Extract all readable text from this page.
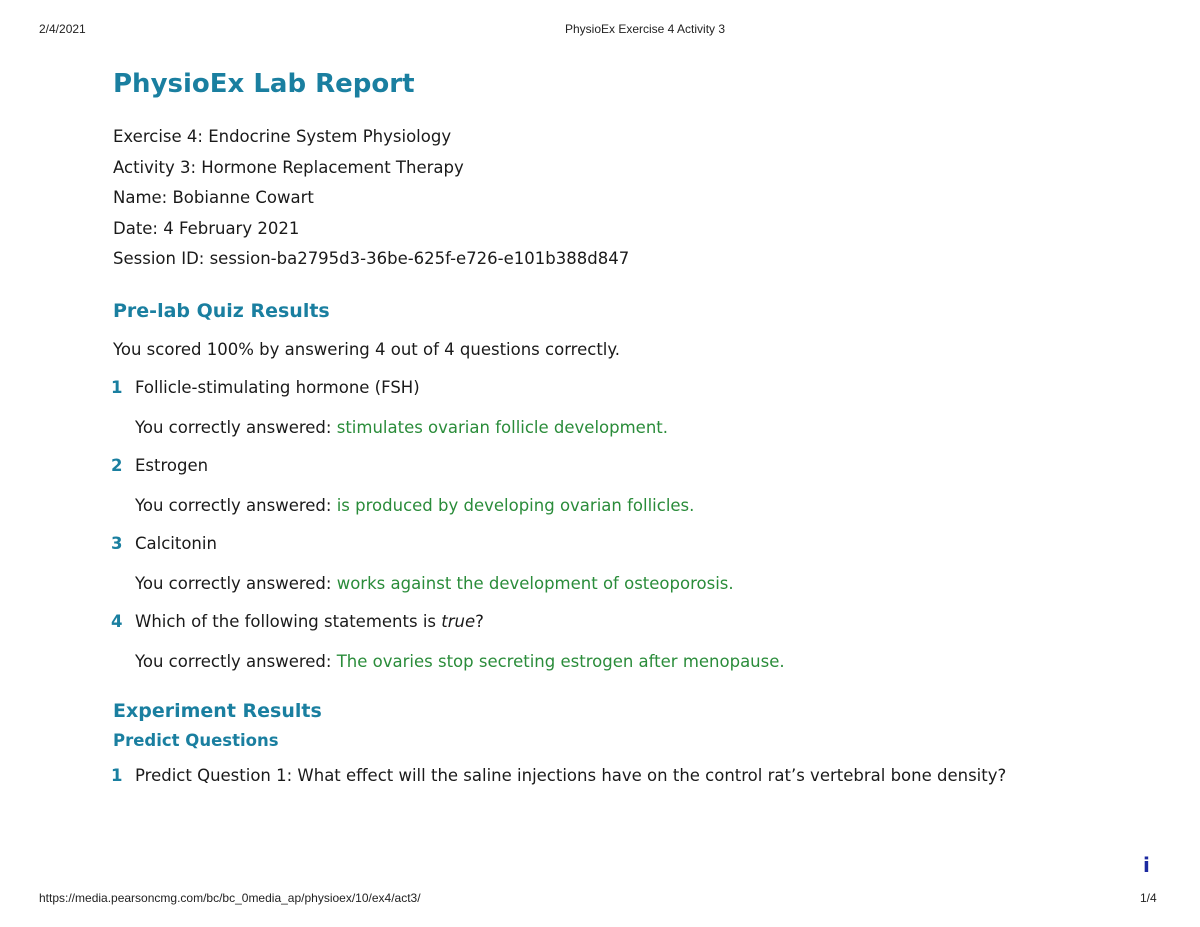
2/4/2021	PhysioEx Exercise 4 Activity 3
PhysioEx Lab Report
Exercise 4: Endocrine System Physiology
Activity 3: Hormone Replacement Therapy
Name: Bobianne Cowart
Date: 4 February 2021
Session ID: session-ba2795d3-36be-625f-e726-e101b388d847
Pre-lab Quiz Results
You scored 100% by answering 4 out of 4 questions correctly.
1 Follicle-stimulating hormone (FSH)
You correctly answered: stimulates ovarian follicle development.
2 Estrogen
You correctly answered: is produced by developing ovarian follicles.
3 Calcitonin
You correctly answered: works against the development of osteoporosis.
4 Which of the following statements is true?
You correctly answered: The ovaries stop secreting estrogen after menopause.
Experiment Results
Predict Questions
1 Predict Question 1: What effect will the saline injections have on the control rat’s vertebral bone density?
i
https://media.pearsoncmg.com/bc/bc_0media_ap/physioex/10/ex4/act3/	1/4
